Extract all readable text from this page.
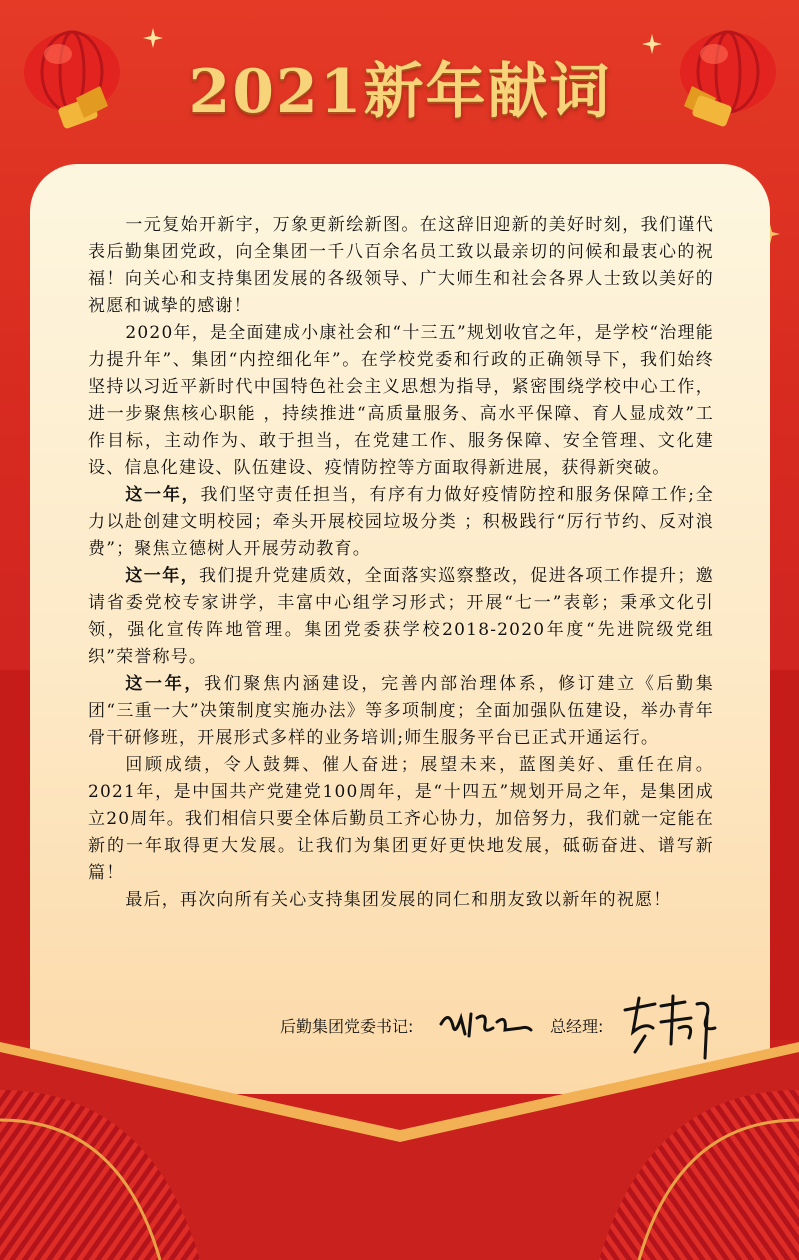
2021新年献词

一元复始开新宇，万象更新绘新图。在这辞旧迎新的美好时刻，我们谨代表后勤集团党政，向全集团一千八百余名员工致以最亲切的问候和最衷心的祝福！向关心和支持集团发展的各级领导、广大师生和社会各界人士致以美好的祝愿和诚挚的感谢！

2020年，是全面建成小康社会和“十三五”规划收官之年，是学校“治理能力提升年”、集团“内控细化年”。在学校党委和行政的正确领导下，我们始终坚持以习近平新时代中国特色社会主义思想为指导，紧密围绕学校中心工作，进一步聚焦核心职能 ，持续推进“高质量服务、高水平保障、育人显成效”工作目标，主动作为、敢于担当，在党建工作、服务保障、安全管理、文化建设、信息化建设、队伍建设、疫情防控等方面取得新进展，获得新突破。

这一年，我们坚守责任担当，有序有力做好疫情防控和服务保障工作;全力以赴创建文明校园；牵头开展校园垃圾分类 ；积极践行“厉行节约、反对浪费”；聚焦立德树人开展劳动教育。

这一年，我们提升党建质效，全面落实巡察整改，促进各项工作提升；邀请省委党校专家讲学，丰富中心组学习形式；开展“七一”表彰；秉承文化引领，强化宣传阵地管理。集团党委获学校2018-2020年度“先进院级党组织”荣誉称号。

这一年，我们聚焦内涵建设，完善内部治理体系，修订建立《后勤集团“三重一大”决策制度实施办法》等多项制度；全面加强队伍建设，举办青年骨干研修班，开展形式多样的业务培训;师生服务平台已正式开通运行。

回顾成绩，令人鼓舞、催人奋进；展望未来，蓝图美好、重任在肩。2021年，是中国共产党建党100周年，是“十四五”规划开局之年，是集团成立20周年。我们相信只要全体后勤员工齐心协力，加倍努力，我们就一定能在新的一年取得更大发展。让我们为集团更好更快地发展，砥砺奋进、谱写新篇！

最后，再次向所有关心支持集团发展的同仁和朋友致以新年的祝愿！

后勤集团党委书记:	总经理:
